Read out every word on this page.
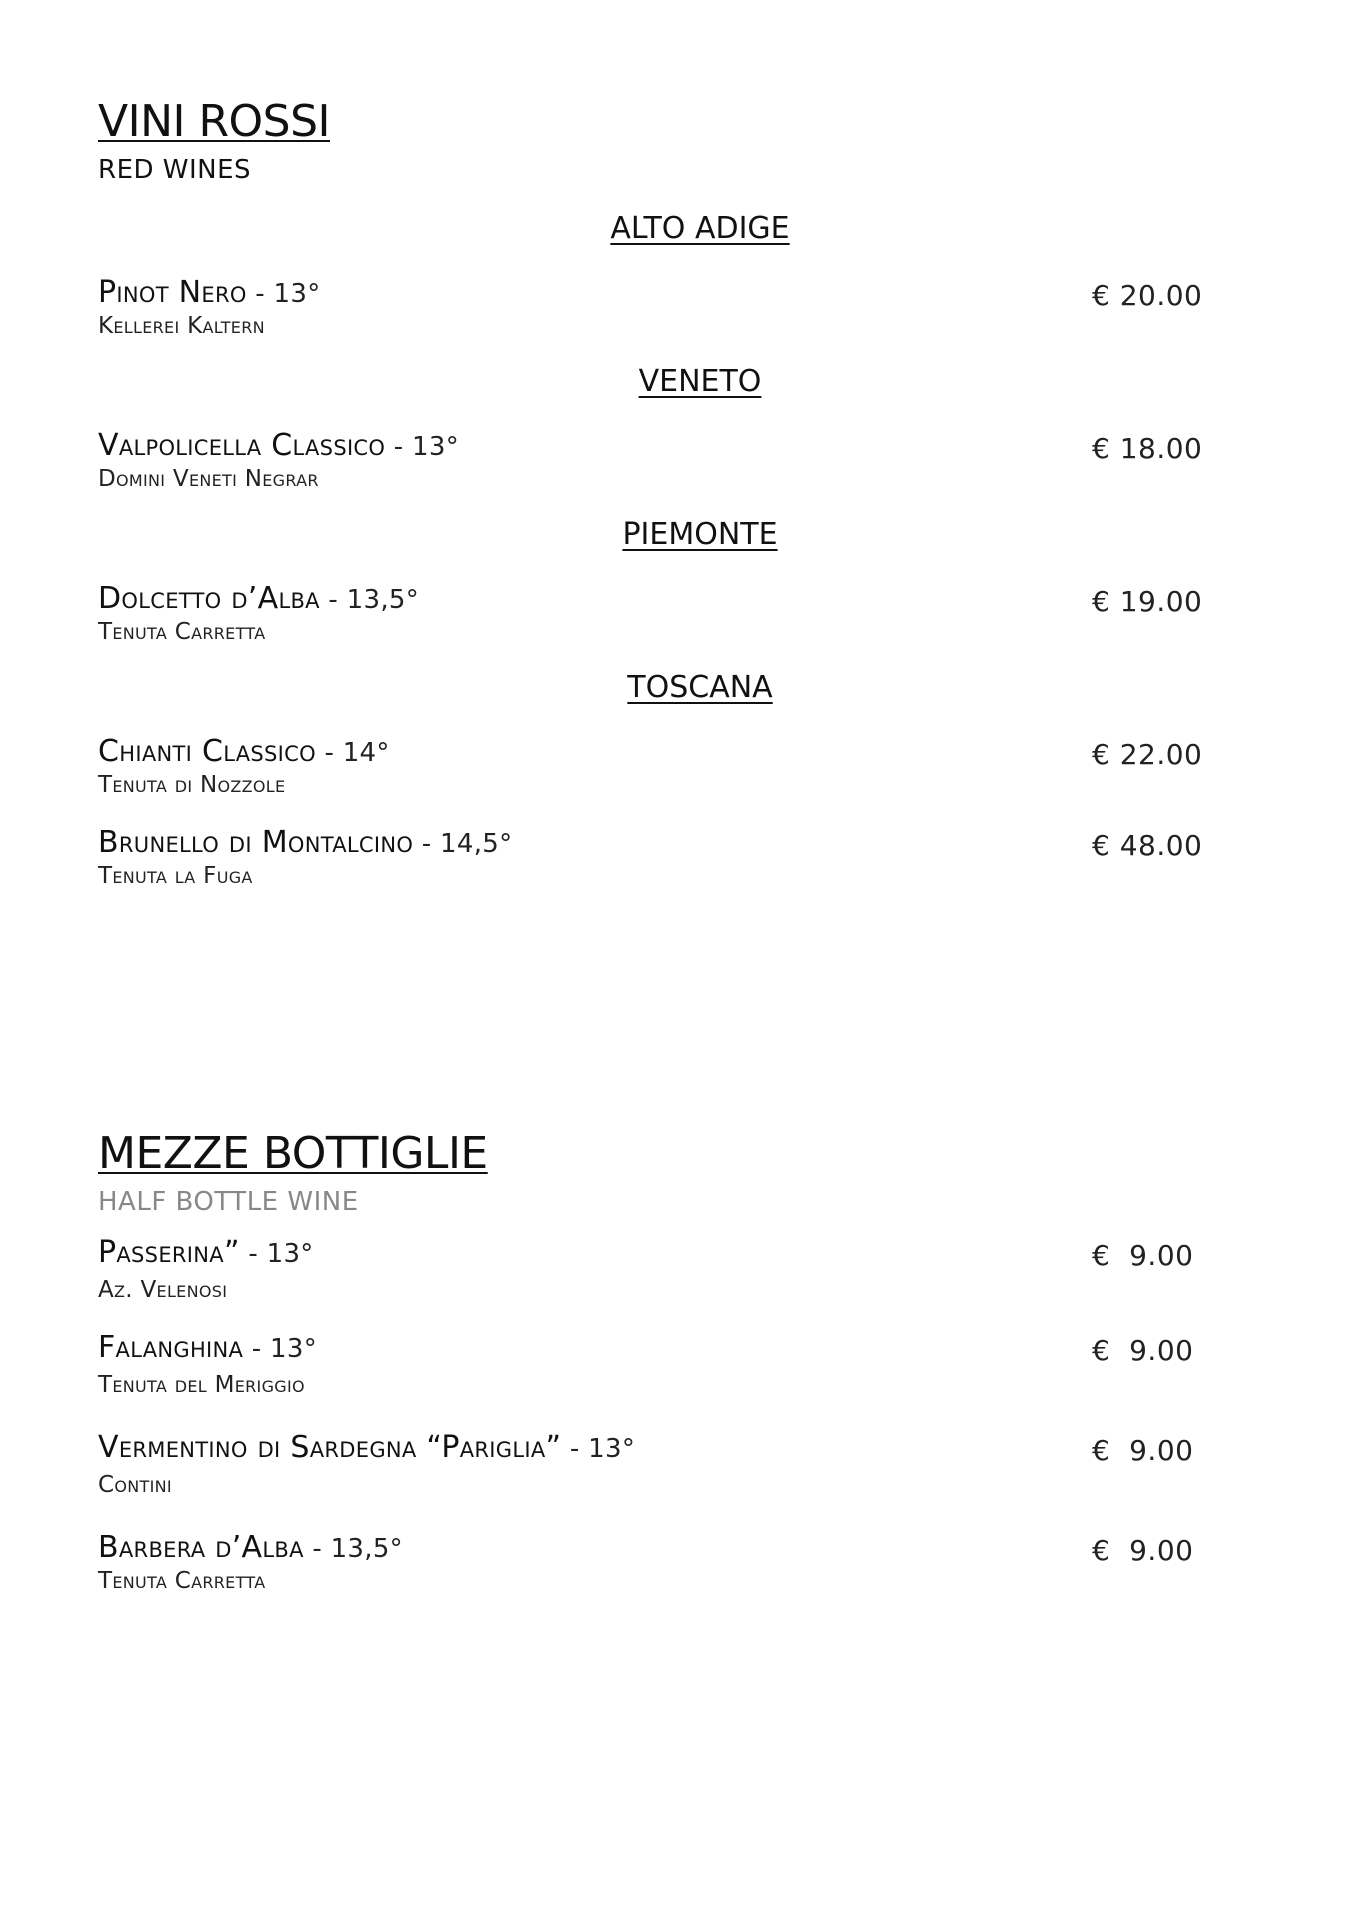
VINI ROSSI
RED WINES
ALTO ADIGE
Pinot Nero - 13°
Kellerei Kaltern
€ 20.00
VENETO
Valpolicella Classico - 13°
Domini Veneti Negrar
€ 18.00
PIEMONTE
Dolcetto d’Alba - 13,5°
Tenuta Carretta
€ 19.00
TOSCANA
Chianti Classico - 14°
Tenuta di Nozzole
€ 22.00
Brunello di Montalcino - 14,5°
Tenuta la Fuga
€ 48.00
MEZZE BOTTIGLIE
HALF BOTTLE WINE
Passerina” - 13°
Az. Velenosi
€  9.00
Falanghina - 13°
Tenuta del Meriggio
€  9.00
Vermentino di Sardegna “Pariglia” - 13°
Contini
€  9.00
Barbera d’Alba - 13,5°
Tenuta Carretta
€  9.00
